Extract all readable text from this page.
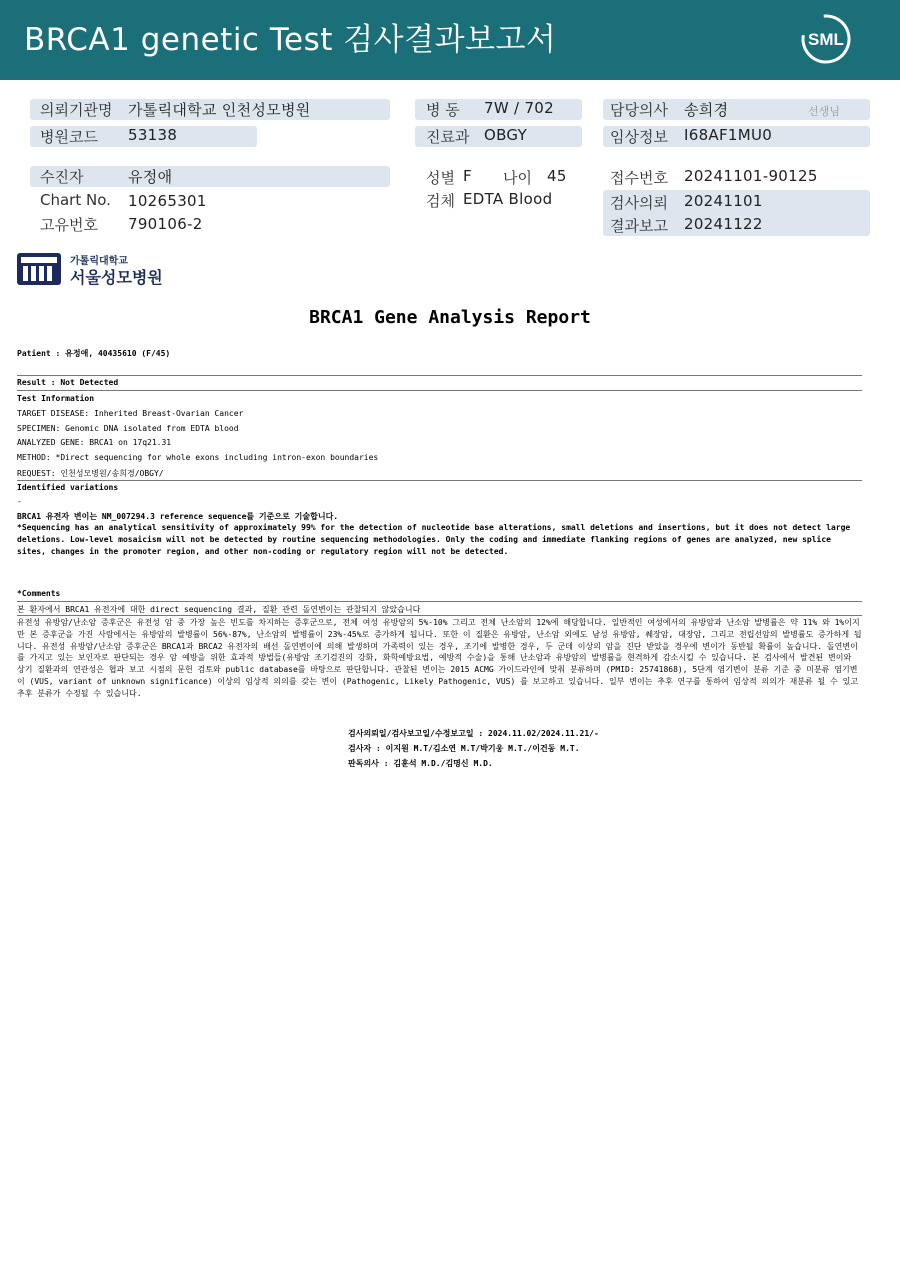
BRCA1 genetic Test 검사결과보고서	SML
의뢰기관명 가톨릭대학교 인천성모병원	병 동 7W / 702	담당의사 송희경	선생님
병원코드 53138	진료과 OBGY	임상정보 I68AF1MU0
수진자	유정애	성별 F 나이 45	접수번호 20241101-90125
Chart No. 10265301	검체 EDTA Blood	검사의뢰 20241101
고유번호 790106-2	결과보고 20241122
가톨릭대학교
서울성모병원
BRCA1 Gene Analysis Report
Patient : 유정애, 40435610 (F/45)
Result : Not Detected
Test Information
TARGET DISEASE: Inherited Breast-Ovarian Cancer
SPECIMEN: Genomic DNA isolated from EDTA blood
ANALYZED GENE: BRCA1 on 17q21.31
METHOD: *Direct sequencing for whole exons including intron-exon boundaries
REQUEST: 인천성모병원/송희경/OBGY/
Identified variations
-
BRCA1 유전자 변이는 NM_007294.3 reference sequence를 기준으로 기술합니다.
*Sequencing has an analytical sensitivity of approximately 99% for the detection of nucleotide base alterations, small deletions and insertions, but it does not detect large deletions. Low-level mosaicism will not be detected by routine sequencing methodologies. Only the coding and immediate flanking regions of genes are analyzed, new splice sites, changes in the promoter region, and other non-coding or regulatory region will not be detected.
*Comments
본 환자에서 BRCA1 유전자에 대한 direct sequencing 결과, 질환 관련 돌연변이는 관찰되지 않았습니다
유전성 유방암/난소암 증후군은 유전성 암 중 가장 높은 빈도를 차지하는 증후군으로, 전체 여성 유방암의 5%-10% 그리고 전체 난소암의 12%에 해당합니다. 일반적인 여성에서의 유방암과 난소암 발병률은 약 11% 와 1%이지만 본 증후군을 가진 사람에서는 유방암의 발병률이 56%-87%, 난소암의 발병률이 23%-45%로 증가하게 됩니다. 또한 이 질환은 유방암, 난소암 외에도 남성 유방암, 췌장암, 대장암, 그리고 전립선암의 발병률도 증가하게 됩니다. 유전성 유방암/난소암 증후군은 BRCA1과 BRCA2 유전자의 배선 돌연변이에 의해 발생하며 가족력이 있는 경우, 조기에 발병한 경우, 두 군데 이상의 암을 진단 받았을 경우에 변이가 동반될 확률이 높습니다. 돌연변이를 가지고 있는 보인자로 판단되는 경우 암 예방을 위한 효과적 방법들(유방암 조기검진의 강화, 화학예방요법, 예방적 수술)을 통해 난소암과 유방암의 발병률을 현격하게 감소시킬 수 있습니다. 본 검사에서 발견된 변이와 상기 질환과의 연관성은 협과 보고 시점의 문헌 검토와 public database를 바탕으로 판단합니다. 관찰된 변이는 2015 ACMG 가이드라인에 맞춰 분류하며 (PMID: 25741868), 5단계 염기변이 분류 기준 중 미분류 염기변이 (VUS, variant of unknown significance) 이상의 임상적 의의를 갖는 변이 (Pathogenic, Likely Pathogenic, VUS) 를 보고하고 있습니다. 일부 변이는 추후 연구를 통하여 임상적 의의가 재분류 될 수 있고 추후 분류가 수정될 수 있습니다.
검사의뢰일/검사보고일/수정보고일 : 2024.11.02/2024.11.21/-
검사자 : 이지원 M.T/김소연 M.T/박기웅 M.T./이건동 M.T.
판독의사 : 김훈석 M.D./김명신 M.D.
